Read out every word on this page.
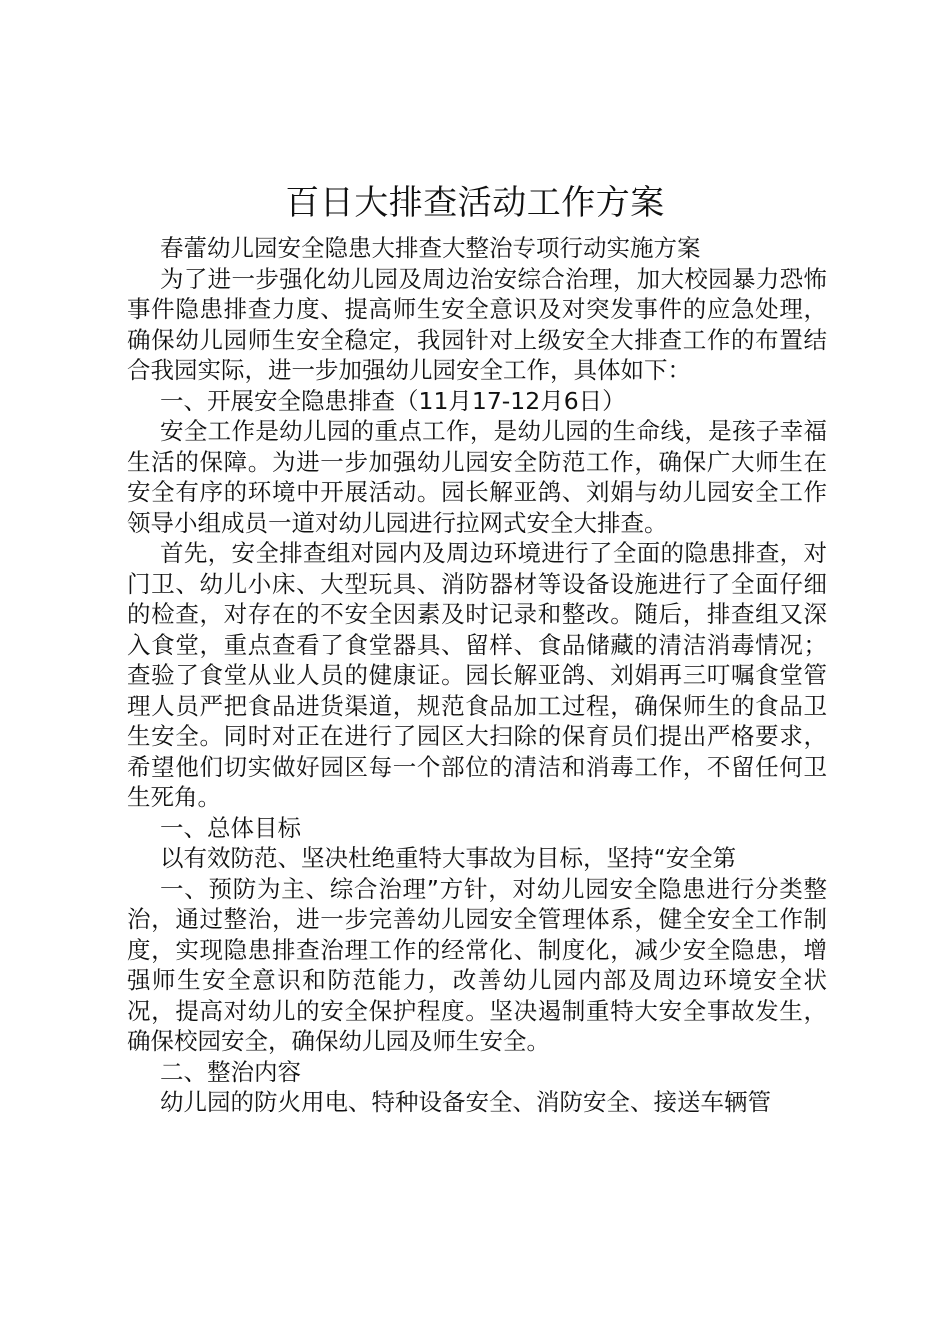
百日大排查活动工作方案

春蕾幼儿园安全隐患大排查大整治专项行动实施方案

为了进一步强化幼儿园及周边治安综合治理，加大校园暴力恐怖事件隐患排查力度、提高师生安全意识及对突发事件的应急处理，确保幼儿园师生安全稳定，我园针对上级安全大排查工作的布置结合我园实际，进一步加强幼儿园安全工作，具体如下：

一、开展安全隐患排查（11月17-12月6日）

安全工作是幼儿园的重点工作，是幼儿园的生命线，是孩子幸福生活的保障。为进一步加强幼儿园安全防范工作，确保广大师生在安全有序的环境中开展活动。园长解亚鸽、刘娟与幼儿园安全工作领导小组成员一道对幼儿园进行拉网式安全大排查。

首先，安全排查组对园内及周边环境进行了全面的隐患排查，对门卫、幼儿小床、大型玩具、消防器材等设备设施进行了全面仔细的检查，对存在的不安全因素及时记录和整改。随后，排查组又深入食堂，重点查看了食堂器具、留样、食品储藏的清洁消毒情况；查验了食堂从业人员的健康证。园长解亚鸽、刘娟再三叮嘱食堂管理人员严把食品进货渠道，规范食品加工过程，确保师生的食品卫生安全。同时对正在进行了园区大扫除的保育员们提出严格要求，希望他们切实做好园区每一个部位的清洁和消毒工作，不留任何卫生死角。

一、总体目标

以有效防范、坚决杜绝重特大事故为目标，坚持“安全第

一、预防为主、综合治理”方针，对幼儿园安全隐患进行分类整治，通过整治，进一步完善幼儿园安全管理体系，健全安全工作制度，实现隐患排查治理工作的经常化、制度化，减少安全隐患，增强师生安全意识和防范能力，改善幼儿园内部及周边环境安全状况，提高对幼儿的安全保护程度。坚决遏制重特大安全事故发生，确保校园安全，确保幼儿园及师生安全。

二、整治内容

幼儿园的防火用电、特种设备安全、消防安全、接送车辆管
